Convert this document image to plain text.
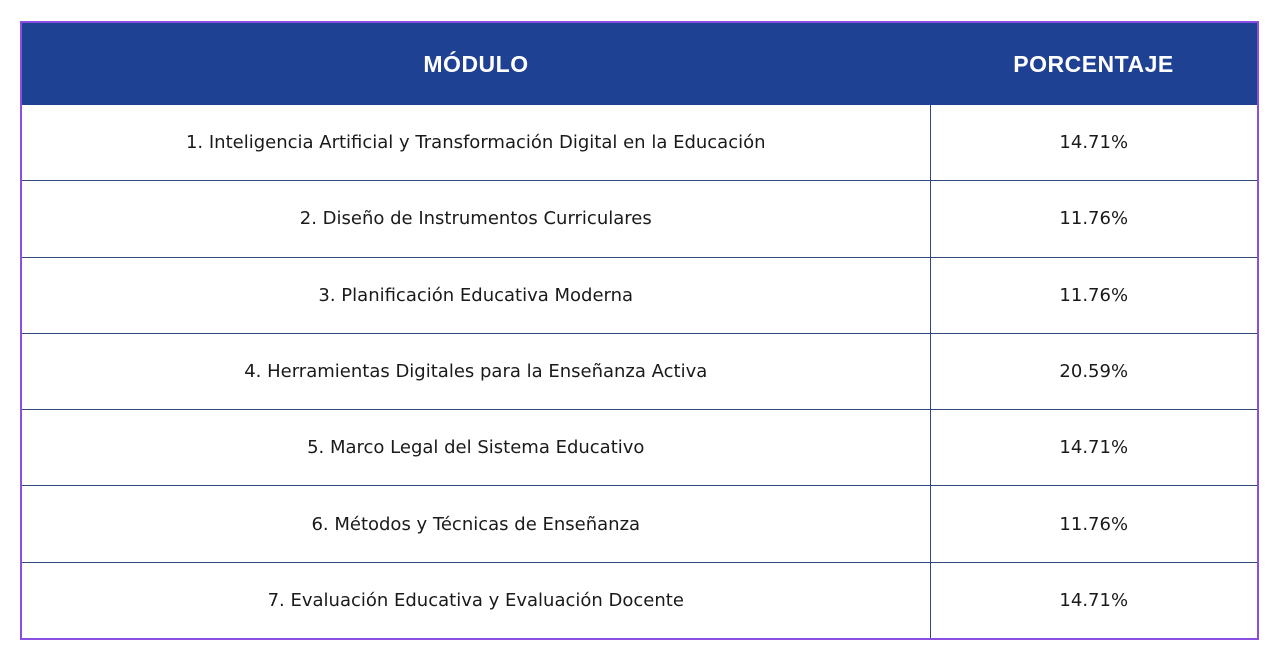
MÓDULO	PORCENTAJE
1. Inteligencia Artificial y Transformación Digital en la Educación	14.71%
2. Diseño de Instrumentos Curriculares	11.76%
3. Planificación Educativa Moderna	11.76%
4. Herramientas Digitales para la Enseñanza Activa	20.59%
5. Marco Legal del Sistema Educativo	14.71%
6. Métodos y Técnicas de Enseñanza	11.76%
7. Evaluación Educativa y Evaluación Docente	14.71%
